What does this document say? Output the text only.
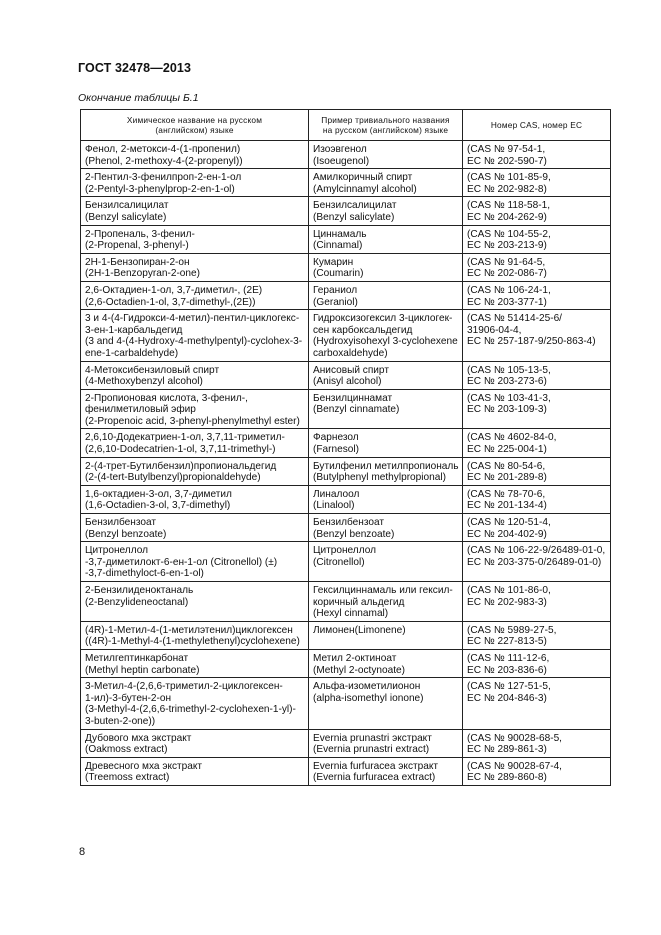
ГОСТ 32478—2013
Окончание таблицы Б.1
Химическое название на русском
(английском) языке	Пример тривиального названия
на русском (английском) языке	Номер CAS, номер ЕС

Фенол, 2-метокси-4-(1-пропенил)
(Phenol, 2-methoxy-4-(2-propenyl))	Изоэвгенол
(Isoeugenol)	(CAS № 97-54-1,
ЕС № 202-590-7)

2-Пентил-3-фенилпроп-2-ен-1-ол
(2-Pentyl-3-phenylprop-2-en-1-ol)	Амилкоричный спирт
(Amylcinnamyl alcohol)	(CAS № 101-85-9,
ЕС № 202-982-8)

Бензилсалицилат
(Benzyl salicylate)	Бензилсалицилат
(Benzyl salicylate)	(CAS № 118-58-1,
ЕС № 204-262-9)

2-Пропеналь, 3-фенил-
(2-Propenal, 3-phenyl-)	Циннамаль
(Cinnamal)	(CAS № 104-55-2,
ЕС № 203-213-9)

2Н-1-Бензопиран-2-он
(2H-1-Benzopyran-2-one)	Кумарин
(Coumarin)	(CAS № 91-64-5,
ЕС № 202-086-7)

2,6-Октадиен-1-ол, 3,7-диметил-, (2Е)
(2,6-Octadien-1-ol, 3,7-dimethyl-,(2E))	Гераниол
(Geraniol)	(CAS № 106-24-1,
ЕС № 203-377-1)

3 и 4-(4-Гидрокси-4-метил)-пентил-циклогекс-
3-ен-1-карбальдегид
(3 and 4-(4-Hydroxy-4-methylpentyl)-cyclohex-3-
ene-1-carbaldehyde)	Гидроксизогексил 3-циклогек-
сен карбоксальдегид
(Hydroxyisohexyl 3-cyclohexene
carboxaldehyde)	(CAS № 51414-25-6/
31906-04-4,
ЕС № 257-187-9/250-863-4)

4-Метоксибензиловый спирт
(4-Methoxybenzyl alcohol)	Анисовый спирт
(Anisyl alcohol)	(CAS № 105-13-5,
ЕС № 203-273-6)

2-Пропионовая кислота, 3-фенил-,
фенилметиловый эфир
(2-Propenoic acid, 3-phenyl-phenylmethyl ester)	Бензилциннамат
(Benzyl cinnamate)	(CAS № 103-41-3,
ЕС № 203-109-3)

2,6,10-Додекатриен-1-ол, 3,7,11-триметил-
(2,6,10-Dodecatrien-1-ol, 3,7,11-trimethyl-)	Фарнезол
(Farnesol)	(CAS № 4602-84-0,
ЕС № 225-004-1)

2-(4-трет-Бутилбензил)пропиональдегид
(2-(4-tert-Butylbenzyl)propionaldehyde)	Бутилфенил метилпропиональ
(Butylphenyl methylpropional)	(CAS № 80-54-6,
ЕС № 201-289-8)

1,6-октадиен-3-ол, 3,7-диметил
(1,6-Octadien-3-ol, 3,7-dimethyl)	Линалоол
(Linalool)	(CAS № 78-70-6,
ЕС № 201-134-4)

Бензилбензоат
(Benzyl benzoate)	Бензилбензоат
(Benzyl benzoate)	(CAS № 120-51-4,
ЕС № 204-402-9)

Цитронеллол
-3,7-диметилокт-6-ен-1-ол (Citronellol) (±)
-3,7-dimethyloct-6-en-1-ol)	Цитронеллол
(Citronellol)	(CAS № 106-22-9/26489-01-0,
ЕС № 203-375-0/26489-01-0)

2-Бензилиденоктаналь
(2-Benzylideneoctanal)	Гексилциннамаль или гексил-
коричный альдегид
(Hexyl cinnamal)	(CAS № 101-86-0,
ЕС № 202-983-3)

(4R)-1-Метил-4-(1-метилэтенил)циклогексен
((4R)-1-Methyl-4-(1-methylethenyl)cyclohexene)	Лимонен(Limonene)	(CAS № 5989-27-5,
ЕС № 227-813-5)

Метилгептинкарбонат
(Methyl heptin carbonate)	Метил 2-октиноат
(Methyl 2-octynoate)	(CAS № 111-12-6,
ЕС № 203-836-6)

3-Метил-4-(2,6,6-триметил-2-циклогексен-
1-ил)-3-бутен-2-он
(3-Methyl-4-(2,6,6-trimethyl-2-cyclohexen-1-yl)-
3-buten-2-one))	Альфа-изометилионон
(alpha-isomethyl ionone)	(CAS № 127-51-5,
ЕС № 204-846-3)

Дубового мха экстракт
(Oakmoss extract)	Evernia prunastri экстракт
(Evernia prunastri extract)	(CAS № 90028-68-5,
ЕС № 289-861-3)

Древесного мха экстракт
(Treemoss extract)	Evernia furfuracea экстракт
(Evernia furfuracea extract)	(CAS № 90028-67-4,
ЕС № 289-860-8)
8
